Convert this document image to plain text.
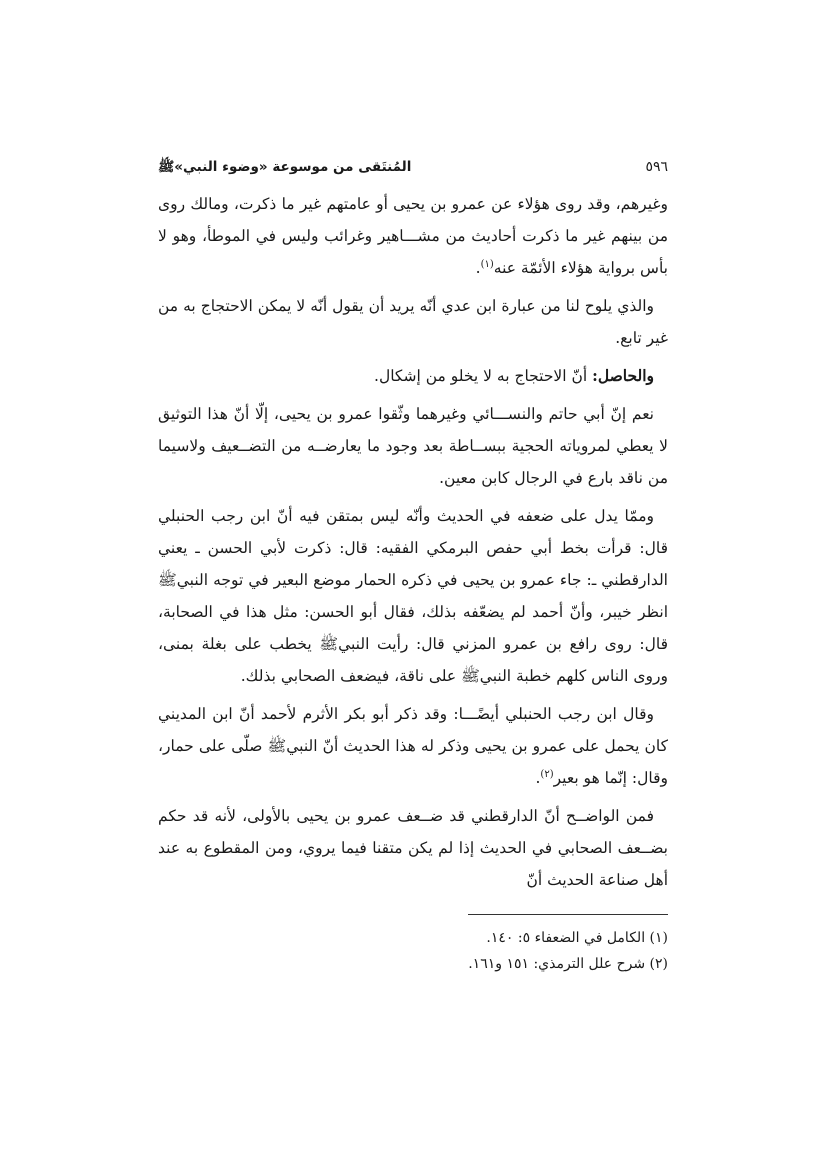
٥٩٦
المُنتَقى من موسوعة «وضوء النبي»ﷺ

وغيرهم، وقد روى هؤلاء عن عمرو بن يحيى أو عامتهم غير ما ذكرت، ومالك روى من بينهم غير ما ذكرت أحاديث من مشـــاهير وغرائب وليس في الموطأ، وهو لا بأس برواية هؤلاء الأئمّة عنه$^{(١)}$.

والذي يلوح لنا من عبارة ابن عدي أنّه يريد أن يقول أنّه لا يمكن الاحتجاج به من غير تابع.

والحاصل: أنّ الاحتجاج به لا يخلو من إشكال.

نعم إنّ أبي حاتم والنســـائي وغيرهما وثّقوا عمرو بن يحيى، إلّا أنّ هذا التوثيق لا يعطي لمروياته الحجية ببســاطة بعد وجود ما يعارضــه من التضــعيف ولاسيما من ناقد بارع في الرجال كابن معين.

وممّا يدل على ضعفه في الحديث وأنّه ليس بمتقن فيه أنّ ابن رجب الحنبلي قال: قرأت بخط أبي حفص البرمكي الفقيه: قال: ذكرت لأبي الحسن ـ يعني الدارقطني ـ: جاء عمرو بن يحيى في ذكره الحمار موضع البعير في توجه النبيﷺ انظر خيبر، وأنّ أحمد لم يضعّفه بذلك، فقال أبو الحسن: مثل هذا في الصحابة، قال: روى رافع بن عمرو المزني قال: رأيت النبيﷺ يخطب على بغلة بمنى، وروى الناس كلهم خطبة النبيﷺ على ناقة، فيضعف الصحابي بذلك.

وقال ابن رجب الحنبلي أيضًـــا: وقد ذكر أبو بكر الأثرم لأحمد أنّ ابن المديني كان يحمل على عمرو بن يحيى وذكر له هذا الحديث أنّ النبيﷺ صلّى على حمار، وقال: إنّما هو بعير$^{(٢)}$.

فمن الواضــح أنّ الدارقطني قد ضــعف عمرو بن يحيى بالأولى، لأنه قد حكم بضــعف الصحابي في الحديث إذا لم يكن متقنا فيما يروي، ومن المقطوع به عند أهل صناعة الحديث أنّ

(١) الكامل في الضعفاء ٥: ١٤٠.
(٢) شرح علل الترمذي: ١٥١ و١٦١.
